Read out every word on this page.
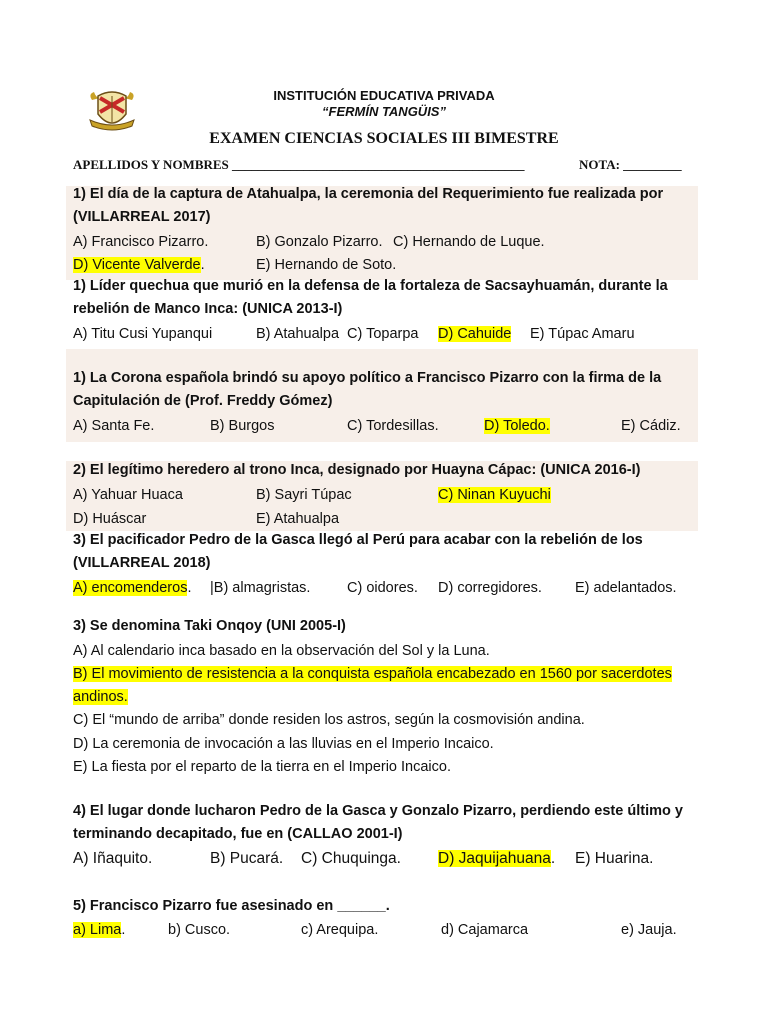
INSTITUCIÓN EDUCATIVA PRIVADA
“FERMÍN TANGÜIS”
EXAMEN CIENCIAS SOCIALES III BIMESTRE
APELLIDOS Y NOMBRES _____________________________________________	NOTA: _________
1) El día de la captura de Atahualpa, la ceremonia del Requerimiento fue realizada por
(VILLARREAL 2017)
A) Francisco Pizarro.	B) Gonzalo Pizarro. C) Hernando de Luque.
D) Vicente Valverde.	E) Hernando de Soto.
1) Líder quechua que murió en la defensa de la fortaleza de Sacsayhuamán, durante la
rebelión de Manco Inca: (UNICA 2013-I)
A) Titu Cusi Yupanqui	B) Atahualpa C) Toparpa D) Cahuide E) Túpac Amaru
1) La Corona española brindó su apoyo político a Francisco Pizarro con la firma de la
Capitulación de (Prof. Freddy Gómez)
A) Santa Fe.	B) Burgos	C) Tordesillas.	D) Toledo.	E) Cádiz.
2) El legítimo heredero al trono Inca, designado por Huayna Cápac: (UNICA 2016-I)
A) Yahuar Huaca	B) Sayri Túpac	C) Ninan Kuyuchi
D) Huáscar	E) Atahualpa
3) El pacificador Pedro de la Gasca llegó al Perú para acabar con la rebelión de los
(VILLARREAL 2018)
A) encomenderos. |B) almagristas.	C) oidores. D) corregidores. E) adelantados.
3) Se denomina Taki Onqoy (UNI 2005-I)
A) Al calendario inca basado en la observación del Sol y la Luna.
B) El movimiento de resistencia a la conquista española encabezado en 1560 por sacerdotes
andinos.
C) El “mundo de arriba” donde residen los astros, según la cosmovisión andina.
D) La ceremonia de invocación a las lluvias en el Imperio Incaico.
E) La fiesta por el reparto de la tierra en el Imperio Incaico.
4) El lugar donde lucharon Pedro de la Gasca y Gonzalo Pizarro, perdiendo este último y
terminando decapitado, fue en (CALLAO 2001-I)
A) Iñaquito.	B) Pucará. C) Chuquinga. D) Jaquijahuana. E) Huarina.
5) Francisco Pizarro fue asesinado en ______.
a) Lima.	b) Cusco.	c) Arequipa.	d) Cajamarca	e) Jauja.
